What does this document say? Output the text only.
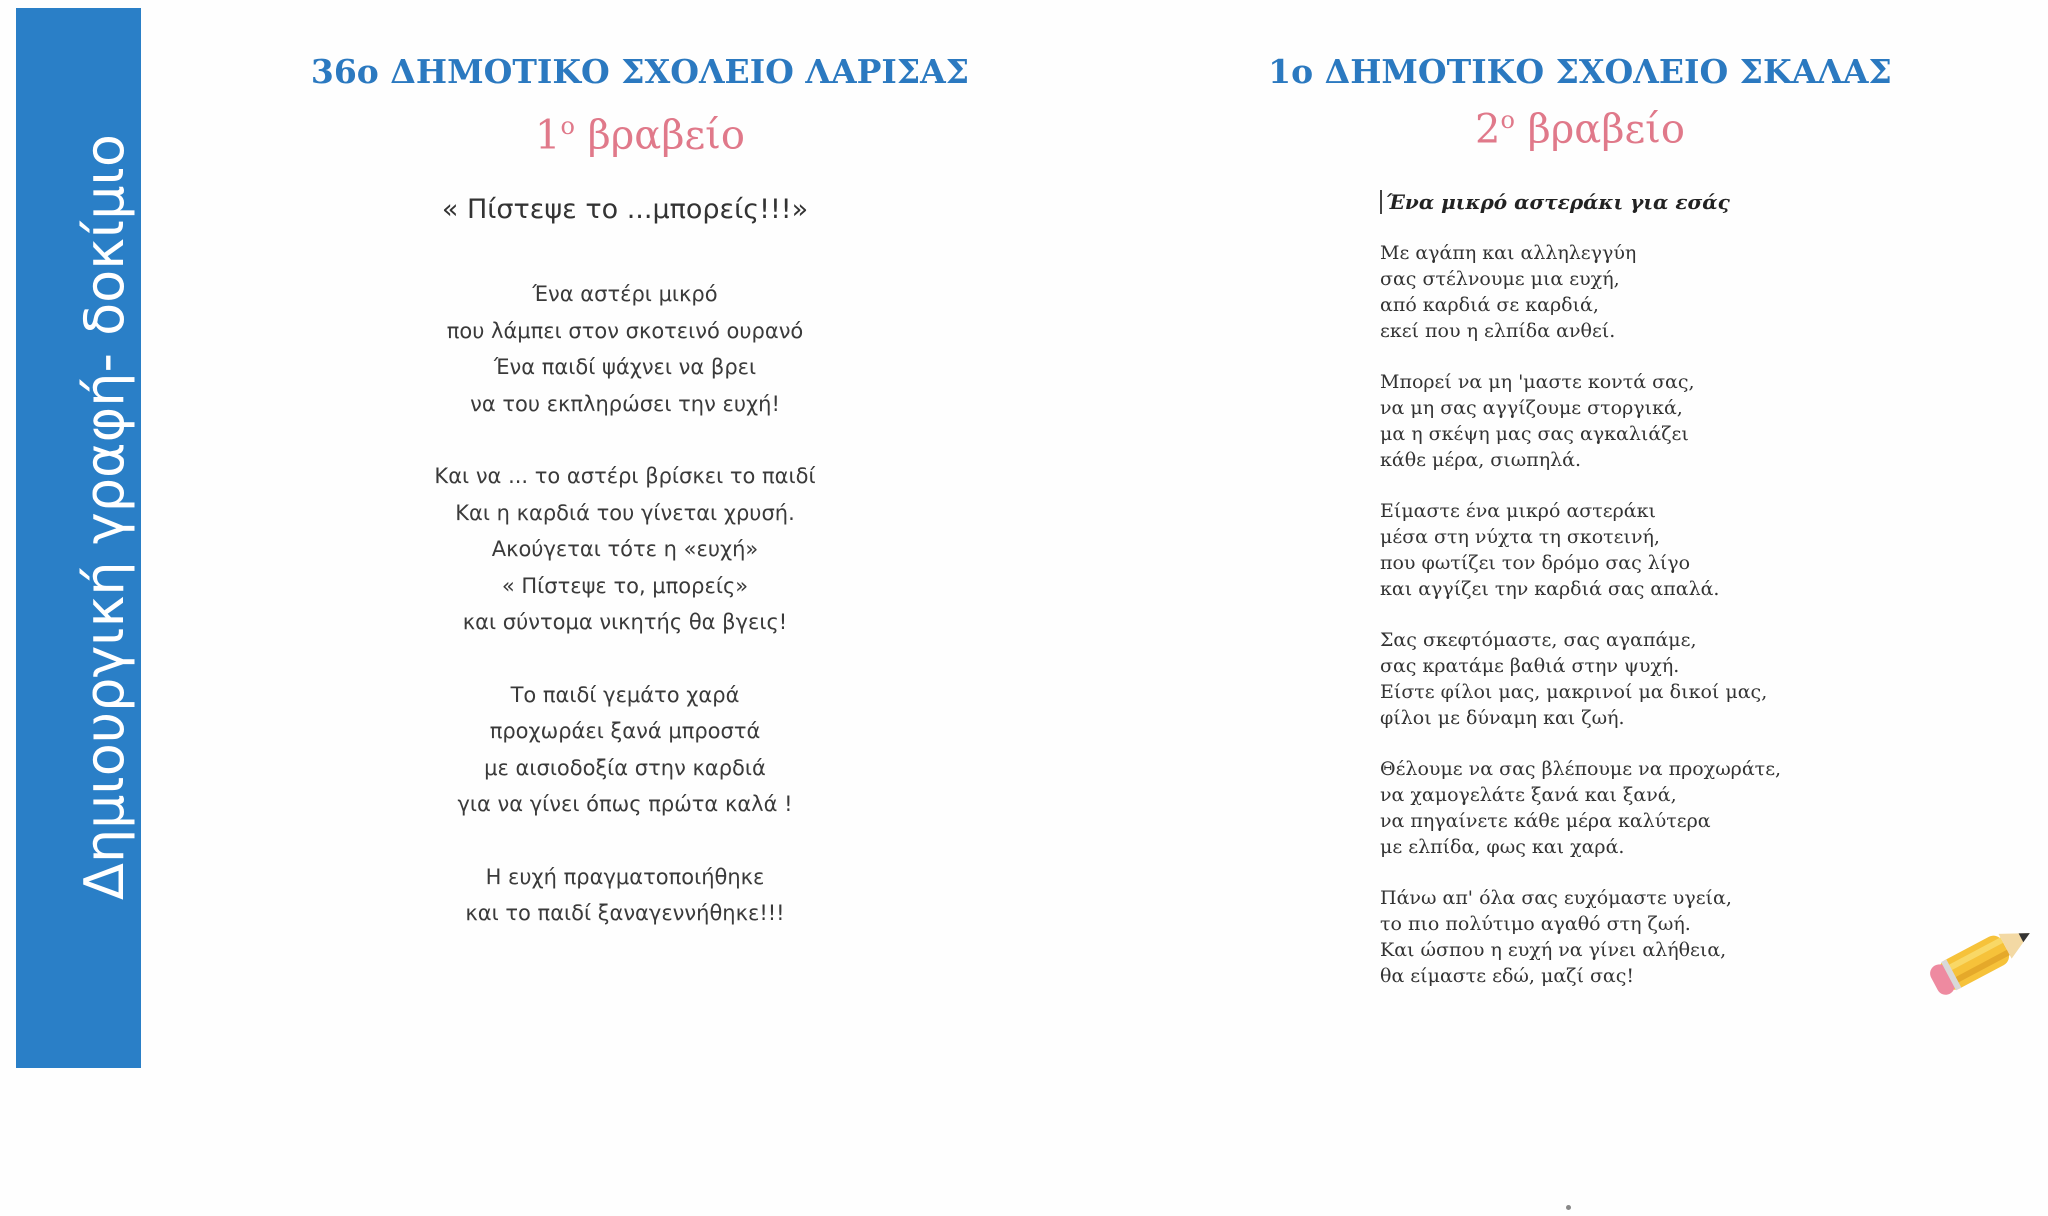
Δημιουργική γραφή- δοκίμιο
36ο ΔΗΜΟΤΙΚΟ ΣΧΟΛΕΙΟ ΛΑΡΙΣΑΣ
$1^o$ βραβείο
« Πίστεψε το ...μπορείς!!!»
Ένα αστέρι μικρό
που λάμπει στον σκοτεινό ουρανό
Ένα παιδί ψάχνει να βρει
να του εκπληρώσει την ευχή!
Και να ... το αστέρι βρίσκει το παιδί
Και η καρδιά του γίνεται χρυσή.
Ακούγεται τότε η «ευχή»
« Πίστεψε το, μπορείς»
και σύντομα νικητής θα βγεις!
Το παιδί γεμάτο χαρά
προχωράει ξανά μπροστά
με αισιοδοξία στην καρδιά
για να γίνει όπως πρώτα καλά !
Η ευχή πραγματοποιήθηκε
και το παιδί ξαναγεννήθηκε!!!
1ο ΔΗΜΟΤΙΚΟ ΣΧΟΛΕΙΟ ΣΚΑΛΑΣ
$2^o$ βραβείο
Ένα μικρό αστεράκι για εσάς
Με αγάπη και αλληλεγγύη
σας στέλνουμε μια ευχή,
από καρδιά σε καρδιά,
εκεί που η ελπίδα ανθεί.
Μπορεί να μη 'μαστε κοντά σας,
να μη σας αγγίζουμε στοργικά,
μα η σκέψη μας σας αγκαλιάζει
κάθε μέρα, σιωπηλά.
Είμαστε ένα μικρό αστεράκι
μέσα στη νύχτα τη σκοτεινή,
που φωτίζει τον δρόμο σας λίγο
και αγγίζει την καρδιά σας απαλά.
Σας σκεφτόμαστε, σας αγαπάμε,
σας κρατάμε βαθιά στην ψυχή.
Είστε φίλοι μας, μακρινοί μα δικοί μας,
φίλοι με δύναμη και ζωή.
Θέλουμε να σας βλέπουμε να προχωράτε,
να χαμογελάτε ξανά και ξανά,
να πηγαίνετε κάθε μέρα καλύτερα
με ελπίδα, φως και χαρά.
Πάνω απ' όλα σας ευχόμαστε υγεία,
το πιο πολύτιμο αγαθό στη ζωή.
Και ώσπου η ευχή να γίνει αλήθεια,
θα είμαστε εδώ, μαζί σας!
